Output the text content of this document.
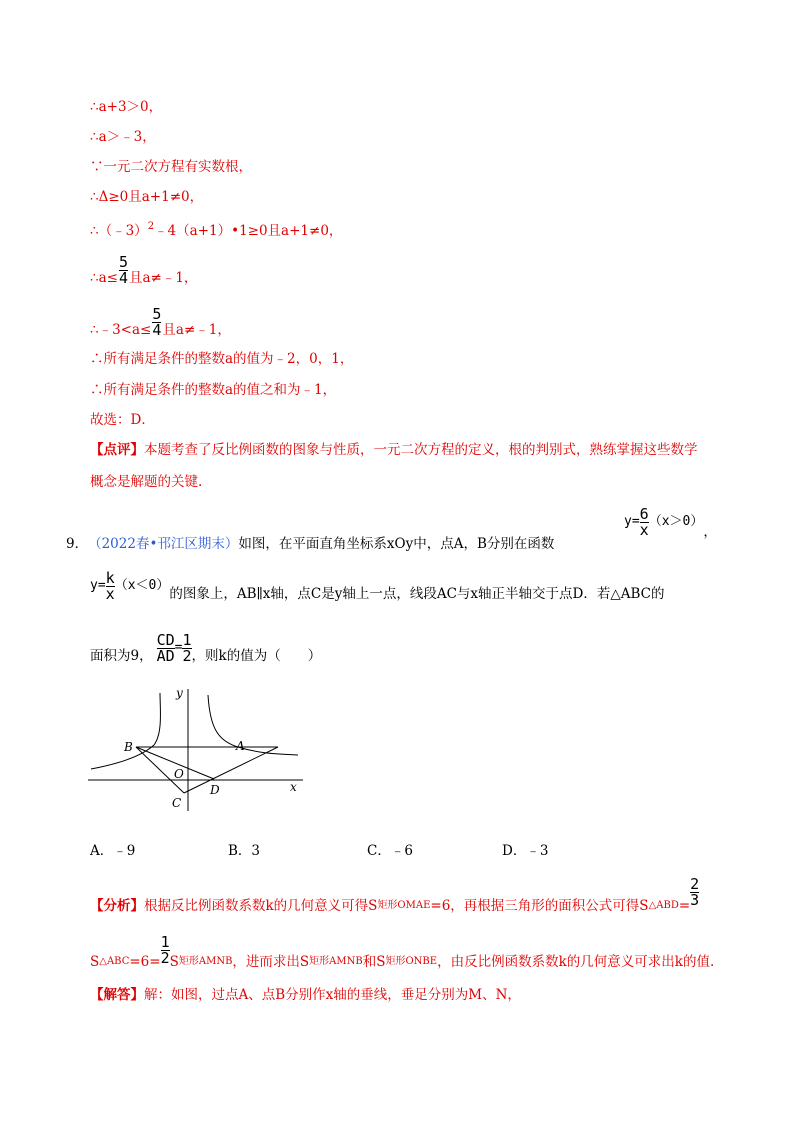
∴a+3＞0，
∴a＞﹣3，
∵一元二次方程有实数根，
∴Δ≥0且a+1≠0，
∴（﹣3）$^2$﹣4（a+1）•1≥0且a+1≠0，
∴a≤ $\frac{5}{4}$ 且a≠﹣1，
∴﹣3<a≤ $\frac{5}{4}$ 且a≠﹣1，
∴所有满足条件的整数a的值为﹣2，0，1，
∴所有满足条件的整数a的值之和为﹣1，
故选：D．
【点评】本题考查了反比例函数的图象与性质，一元二次方程的定义，根的判别式，熟练掌握这些数学
概念是解题的关键.
9． （2022春•邗江区期末） 如图，在平面直角坐标系xOy中，点A，B分别在函数
$y= \frac{6}{x} (x>0)$
，
$y= \frac{k}{x} (x<0)$
的图象上，AB∥x轴，点C是y轴上一点，线段AC与x轴正半轴交于点D．若△ABC的
面积为9， $\frac{CD}{AD} = \frac{1}{2}$ ，则k的值为（　　）
y
x
O
A
B
C
D
A．﹣9	B．3	C．﹣6	D．﹣3
【分析】 根据反比例函数系数k的几何意义可得S 矩形OMAE =6，再根据三角形的面积公式可得S △ABD = $\frac{2}{3}$
S △ABC $=6= \frac{1}{2}$ S 矩形AMNB ，进而求出S 矩形AMNB 和S 矩形ONBE ，由反比例函数系数k的几何意义可求出k的值.
【解答】解：如图，过点A、点B分别作x轴的垂线，垂足分别为M、N，
